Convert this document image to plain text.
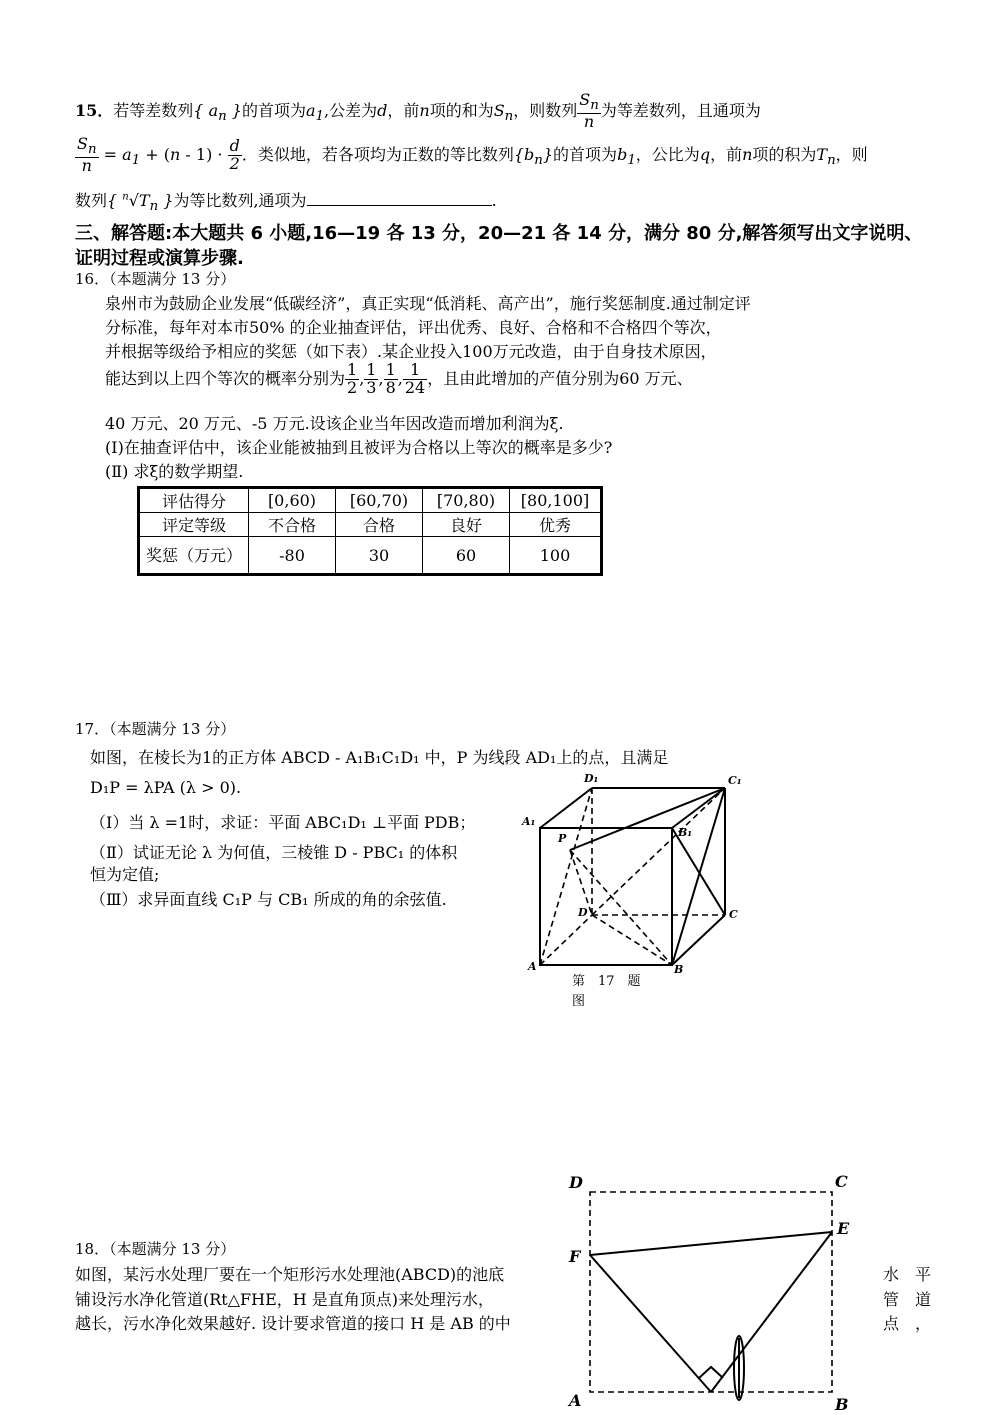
15．若等差数列{ $a_n$ }的首项为$a_1$,公差为d，前n项的和为$S_n$，则数列 $\frac{S_n}{n}$ 为等差数列，且通项为
$\frac{S_n}{n} = a_1 + (n - 1) \cdot \frac{d}{2}$ ．类似地，若各项均为正数的等比数列$\{b_n\}$的首项为$b_1$，公比为q，前n项的积为$T_n$，则
数列{ $^n√T_n$ }为等比数列,通项为	.
三、解答题:本大题共 6 小题,16—19 各 13 分，20—21 各 14 分，满分 80 分,解答须写出文字说明、
证明过程或演算步骤.
16．（本题满分 13 分）
泉州市为鼓励企业发展“低碳经济”，真正实现“低消耗、高产出”，施行奖惩制度.通过制定评
分标准，每年对本市50% 的企业抽查评估，评出优秀、良好、合格和不合格四个等次，
并根据等级给予相应的奖惩（如下表）.某企业投入100万元改造，由于自身技术原因，
能达到以上四个等次的概率分别为 $\frac{1}{2}$ , $\frac{1}{3}$ , $\frac{1}{8}$ , $\frac{1}{24}$ ，且由此增加的产值分别为60 万元、
40 万元、20 万元、-5 万元.设该企业当年因改造而增加利润为ξ.
(Ⅰ)在抽查评估中，该企业能被抽到且被评为合格以上等次的概率是多少?
(Ⅱ) 求ξ的数学期望.
评估得分	[0,60)	[60,70)	[70,80)	[80,100]
评定等级	不合格	合格	良好	优秀
奖惩（万元）	-80	30	60	100
17．（本题满分 13 分）
如图，在棱长为1的正方体 ABCD - A₁B₁C₁D₁ 中，P 为线段 AD₁上的点，且满足
D₁P = λPA (λ > 0).
（Ⅰ）当 λ =1时，求证：平面 ABC₁D₁ ⊥平面 PDB；
（Ⅱ）试证无论 λ 为何值，三棱锥 D - PBC₁ 的体积
恒为定值;
（Ⅲ）求异面直线 C₁P 与 CB₁ 所成的角的余弦值.
D₁	C₁
A₁
B₁
P
D	C
A	B
第　17　题
图
18．（本题满分 13 分）
如图，某污水处理厂要在一个矩形污水处理池(ABCD)的池底
铺设污水净化管道(Rt△FHE，H 是直角顶点)来处理污水，
越长，污水净化效果越好. 设计要求管道的接口 H 是 AB 的中
水　平
管　道
点　，
D	C
F
E
A	B
